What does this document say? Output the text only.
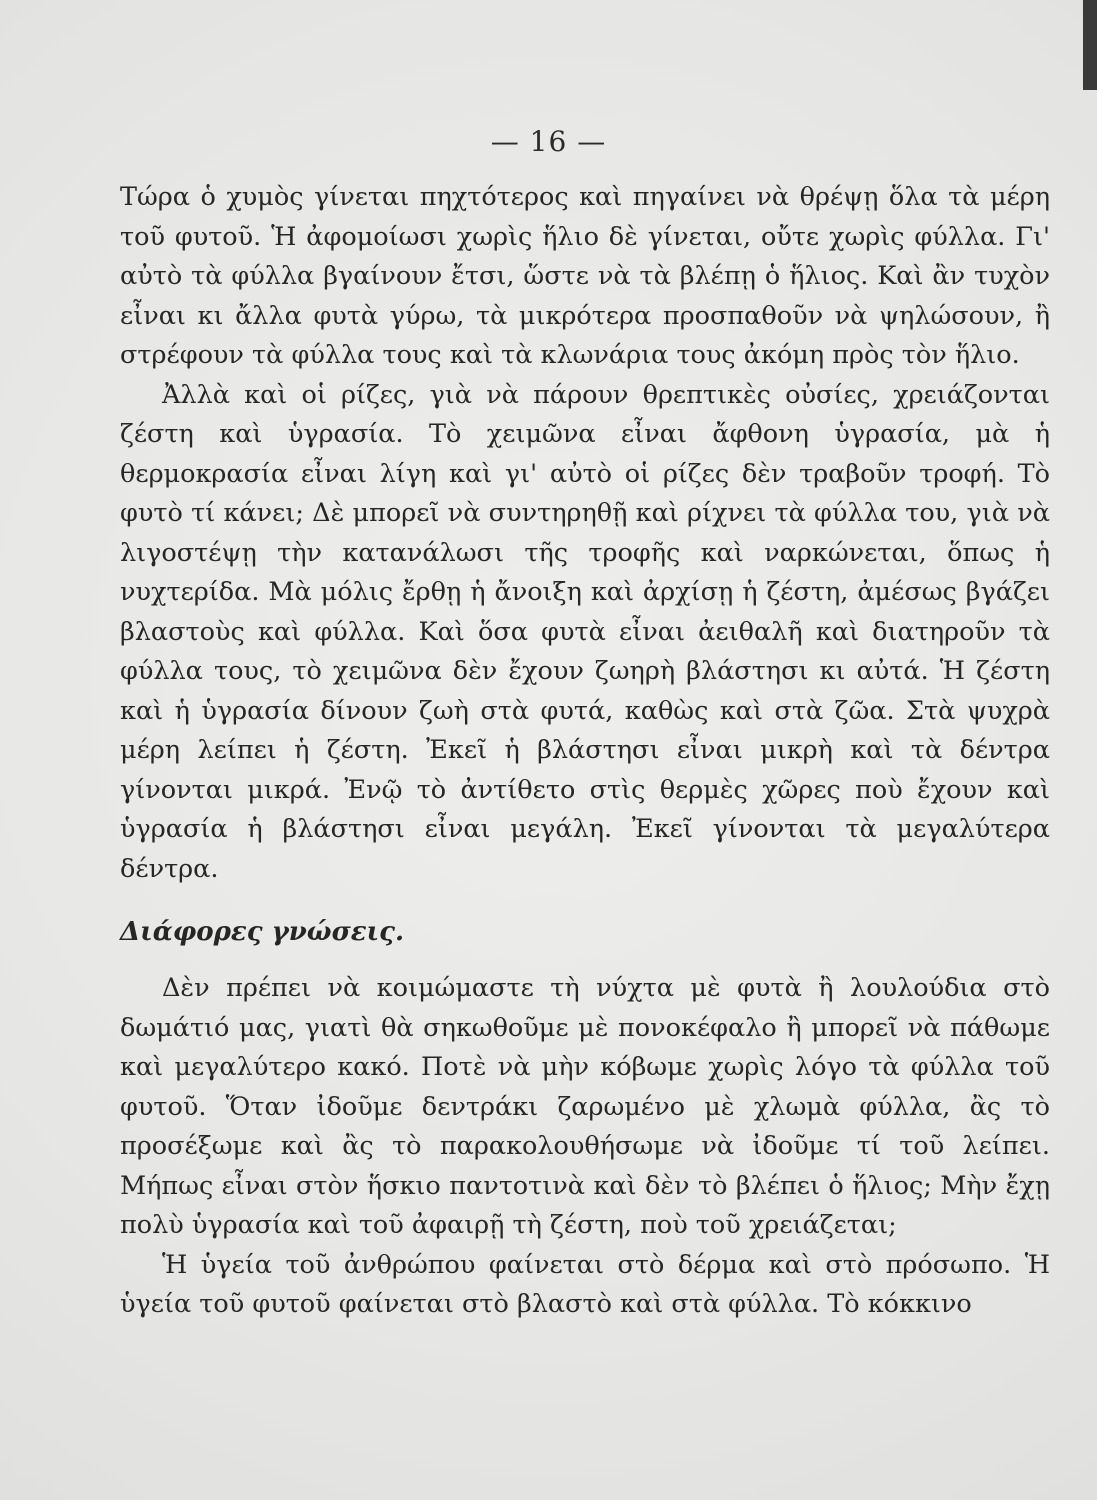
— 16 —

Τώρα ὁ χυμὸς γίνεται πηχτότερος καὶ πηγαίνει νὰ θρέψῃ ὅλα τὰ μέρη τοῦ φυτοῦ. Ἡ ἀφομοίωσι χωρὶς ἥλιο δὲ γίνεται, οὔτε χωρὶς φύλλα. Γι' αὐτὸ τὰ φύλλα βγαίνουν ἔτσι, ὥστε νὰ τὰ βλέπῃ ὁ ἥλιος. Καὶ ἂν τυχὸν εἶναι κι ἄλλα φυτὰ γύρω, τὰ μικρότερα προσπαθοῦν νὰ ψηλώσουν, ἢ στρέφουν τὰ φύλλα τους καὶ τὰ κλωνάρια τους ἀκόμη πρὸς τὸν ἥλιο.

Ἀλλὰ καὶ οἱ ρίζες, γιὰ νὰ πάρουν θρεπτικὲς οὐσίες, χρειάζονται ζέστη καὶ ὑγρασία. Τὸ χειμῶνα εἶναι ἄφθονη ὑγρασία, μὰ ἡ θερμοκρασία εἶναι λίγη καὶ γι' αὐτὸ οἱ ρίζες δὲν τραβοῦν τροφή. Τὸ φυτὸ τί κάνει; Δὲ μπορεῖ νὰ συντηρηθῇ καὶ ρίχνει τὰ φύλλα του, γιὰ νὰ λιγοστέψῃ τὴν κατανάλωσι τῆς τροφῆς καὶ ναρκώνεται, ὅπως ἡ νυχτερίδα. Μὰ μόλις ἔρθῃ ἡ ἄνοιξη καὶ ἀρχίσῃ ἡ ζέστη, ἀμέσως βγάζει βλαστοὺς καὶ φύλλα. Καὶ ὅσα φυτὰ εἶναι ἀειθαλῆ καὶ διατηροῦν τὰ φύλλα τους, τὸ χειμῶνα δὲν ἔχουν ζωηρὴ βλάστησι κι αὐτά. Ἡ ζέστη καὶ ἡ ὑγρασία δίνουν ζωὴ στὰ φυτά, καθὼς καὶ στὰ ζῶα. Στὰ ψυχρὰ μέρη λείπει ἡ ζέστη. Ἐκεῖ ἡ βλάστησι εἶναι μικρὴ καὶ τὰ δέντρα γίνονται μικρά. Ἐνῷ τὸ ἀντίθετο στὶς θερμὲς χῶρες ποὺ ἔχουν καὶ ὑγρασία ἡ βλάστησι εἶναι μεγάλη. Ἐκεῖ γίνονται τὰ μεγαλύτερα δέντρα.

Διάφορες γνώσεις.

Δὲν πρέπει νὰ κοιμώμαστε τὴ νύχτα μὲ φυτὰ ἢ λουλούδια στὸ δωμάτιό μας, γιατὶ θὰ σηκωθοῦμε μὲ πονοκέφαλο ἢ μπορεῖ νὰ πάθωμε καὶ μεγαλύτερο κακό. Ποτὲ νὰ μὴν κόβωμε χωρὶς λόγο τὰ φύλλα τοῦ φυτοῦ. Ὅταν ἰδοῦμε δεντράκι ζαρωμένο μὲ χλωμὰ φύλλα, ἂς τὸ προσέξωμε καὶ ἂς τὸ παρακολουθήσωμε νὰ ἰδοῦμε τί τοῦ λείπει. Μήπως εἶναι στὸν ἥσκιο παντοτινὰ καὶ δὲν τὸ βλέπει ὁ ἥλιος; Μὴν ἔχῃ πολὺ ὑγρασία καὶ τοῦ ἀφαιρῇ τὴ ζέστη, ποὺ τοῦ χρειάζεται;

Ἡ ὑγεία τοῦ ἀνθρώπου φαίνεται στὸ δέρμα καὶ στὸ πρόσωπο. Ἡ ὑγεία τοῦ φυτοῦ φαίνεται στὸ βλαστὸ καὶ στὰ φύλλα. Τὸ κόκκινο
